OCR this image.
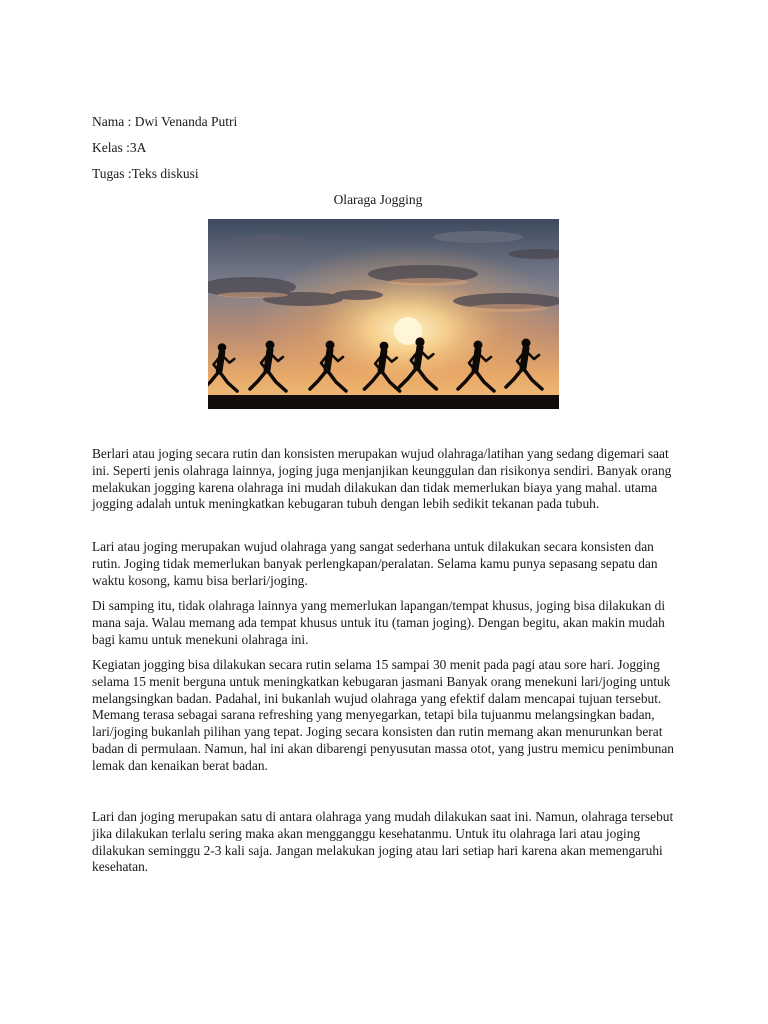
Nama : Dwi Venanda Putri
Kelas :3A
Tugas :Teks diskusi
Olaraga Jogging

Berlari atau joging secara rutin dan konsisten merupakan wujud olahraga/latihan yang sedang digemari saat ini. Seperti jenis olahraga lainnya, joging juga menjanjikan keunggulan dan risikonya sendiri. Banyak orang melakukan jogging karena olahraga ini mudah dilakukan dan tidak memerlukan biaya yang mahal. utama jogging adalah untuk meningkatkan kebugaran tubuh dengan lebih sedikit tekanan pada tubuh.

Lari atau joging merupakan wujud olahraga yang sangat sederhana untuk dilakukan secara konsisten dan rutin. Joging tidak memerlukan banyak perlengkapan/peralatan. Selama kamu punya sepasang sepatu dan waktu kosong, kamu bisa berlari/joging.

Di samping itu, tidak olahraga lainnya yang memerlukan lapangan/tempat khusus, joging bisa dilakukan di mana saja. Walau memang ada tempat khusus untuk itu (taman joging). Dengan begitu, akan makin mudah bagi kamu untuk menekuni olahraga ini.

Kegiatan jogging bisa dilakukan secara rutin selama 15 sampai 30 menit pada pagi atau sore hari. Jogging selama 15 menit berguna untuk meningkatkan kebugaran jasmani Banyak orang menekuni lari/joging untuk melangsingkan badan. Padahal, ini bukanlah wujud olahraga yang efektif dalam mencapai tujuan tersebut. Memang terasa sebagai sarana refreshing yang menyegarkan, tetapi bila tujuanmu melangsingkan badan, lari/joging bukanlah pilihan yang tepat. Joging secara konsisten dan rutin memang akan menurunkan berat badan di permulaan. Namun, hal ini akan dibarengi penyusutan massa otot, yang justru memicu penimbunan lemak dan kenaikan berat badan.

Lari dan joging merupakan satu di antara olahraga yang mudah dilakukan saat ini. Namun, olahraga tersebut jika dilakukan terlalu sering maka akan mengganggu kesehatanmu. Untuk itu olahraga lari atau joging dilakukan seminggu 2-3 kali saja. Jangan melakukan joging atau lari setiap hari karena akan memengaruhi kesehatan.
